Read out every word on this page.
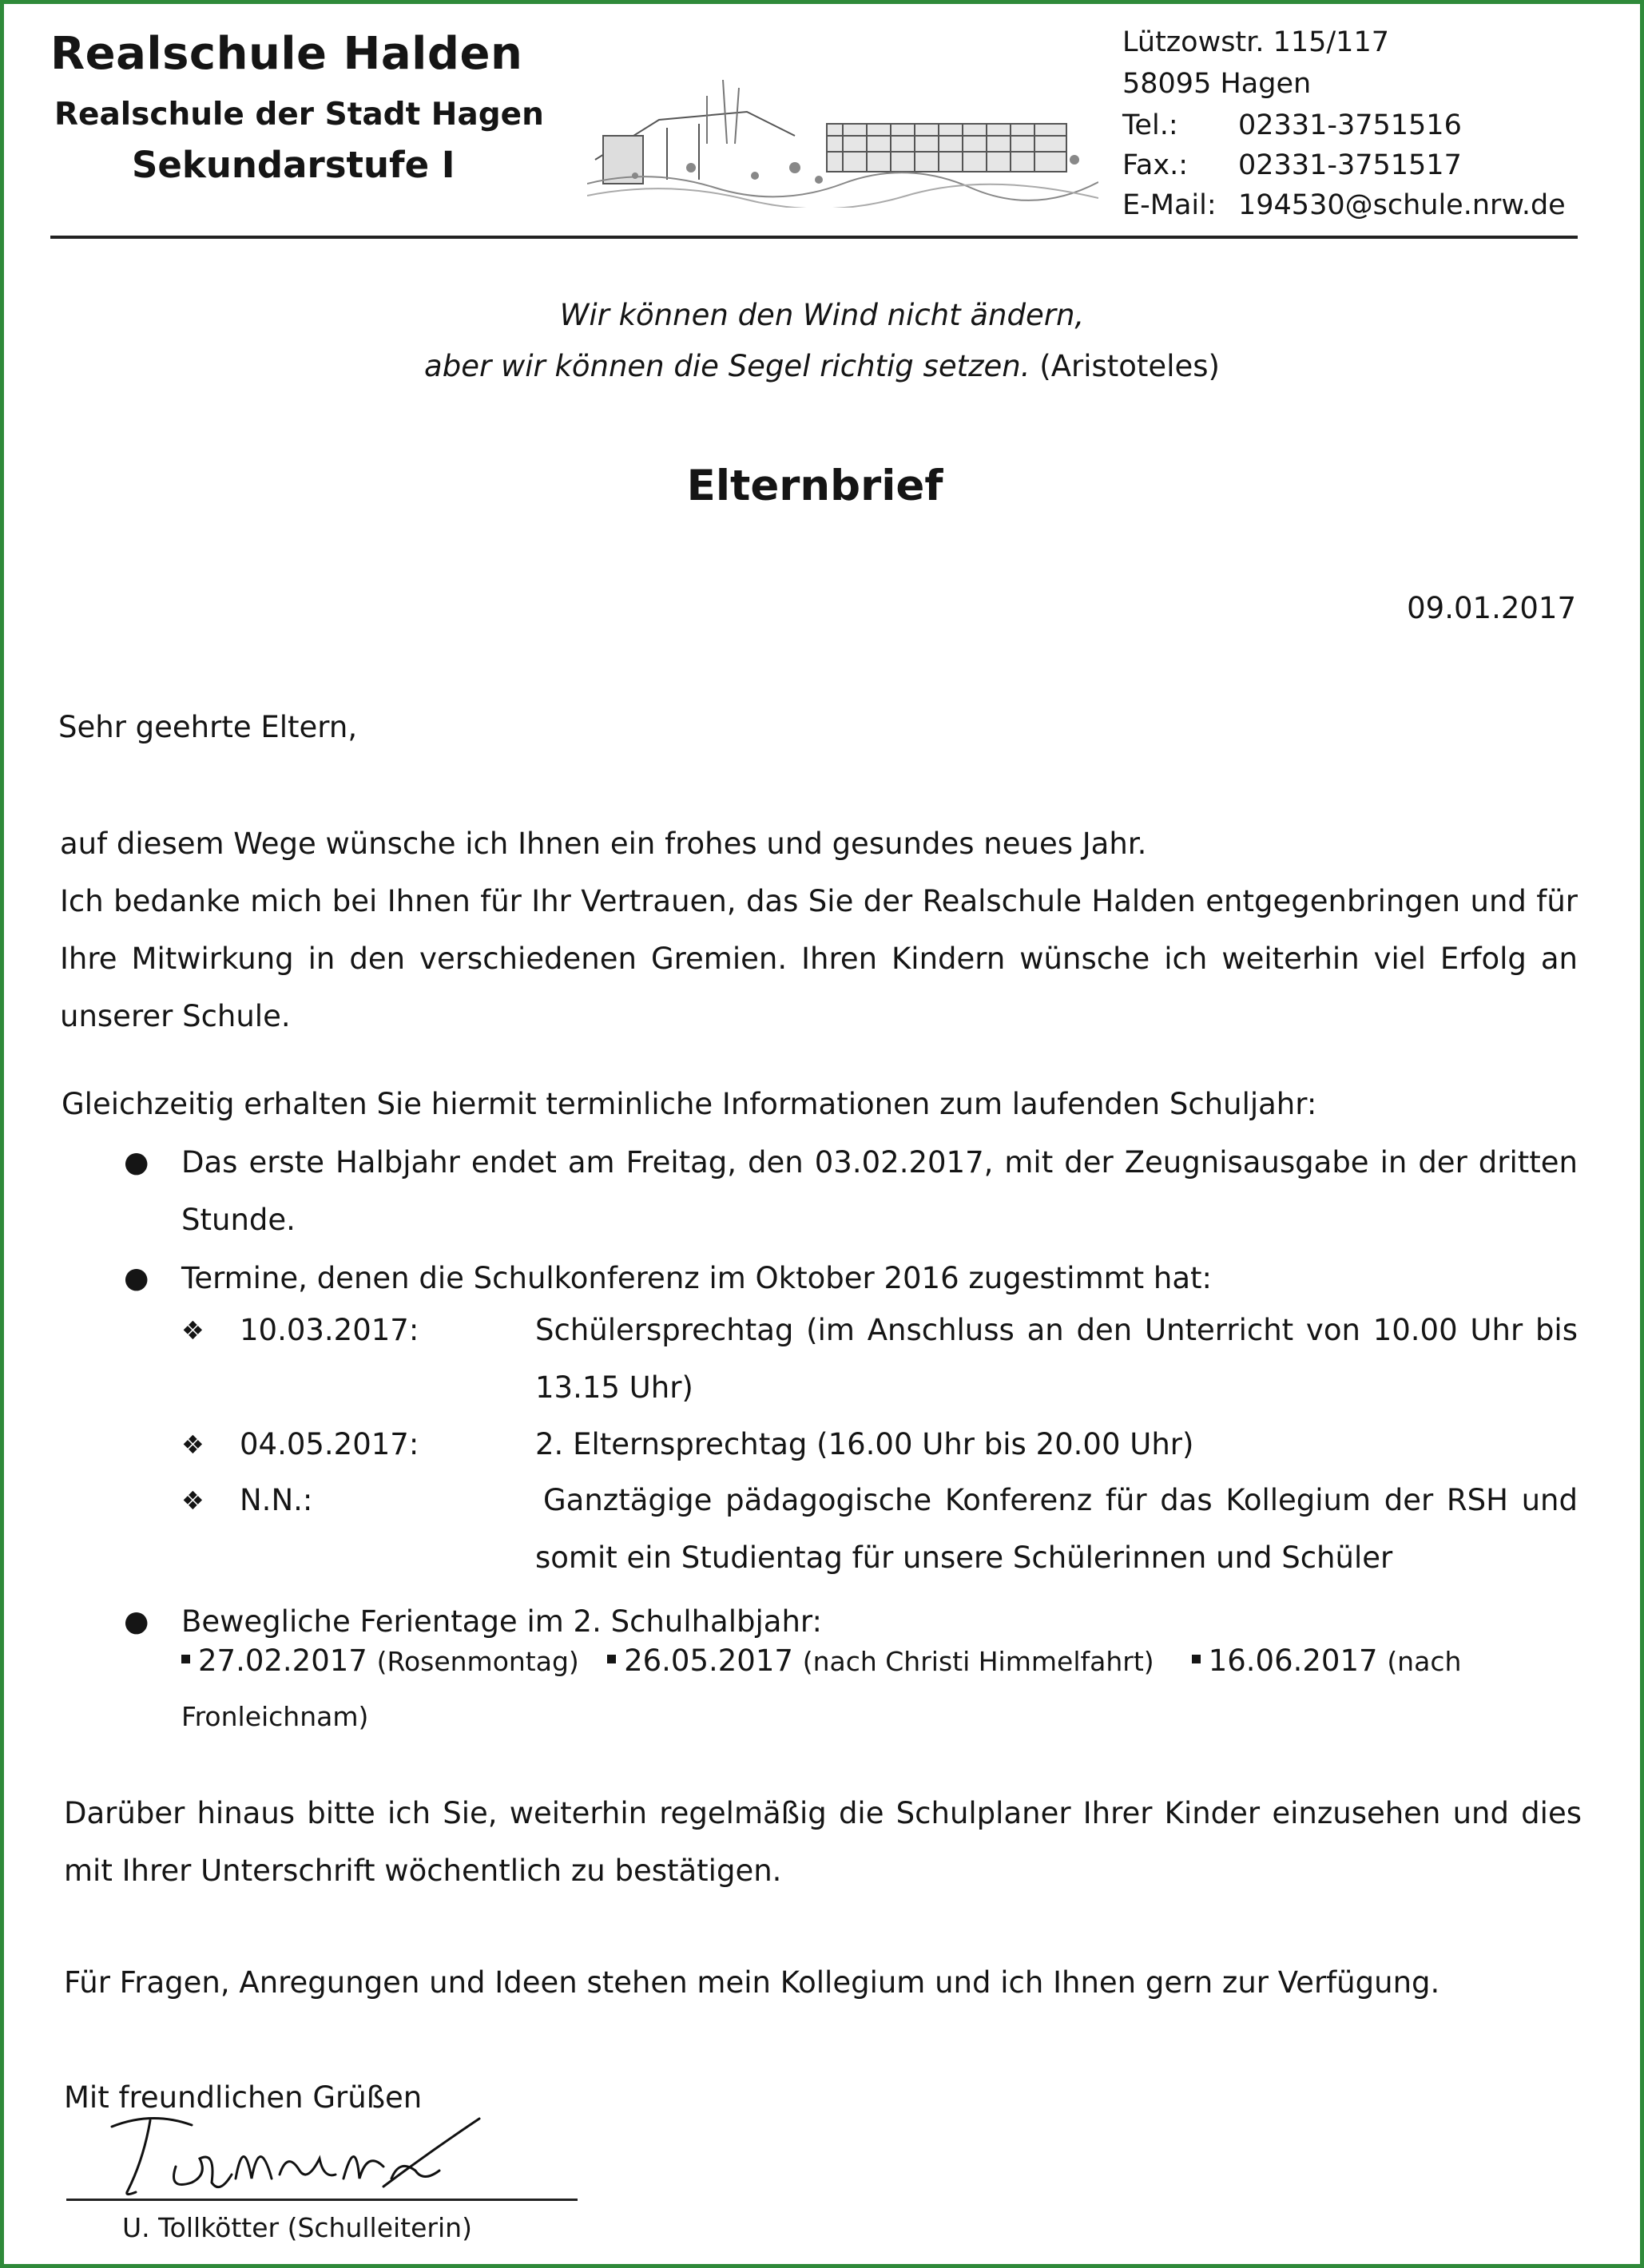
Realschule Halden
Realschule der Stadt Hagen
Sekundarstufe I
Lützowstr. 115/117
58095 Hagen
Tel.: 02331-3751516
Fax.: 02331-3751517
E-Mail: 194530@schule.nrw.de
Wir können den Wind nicht ändern,
aber wir können die Segel richtig setzen. (Aristoteles)
Elternbrief
09.01.2017
Sehr geehrte Eltern,
auf diesem Wege wünsche ich Ihnen ein frohes und gesundes neues Jahr.
Ich bedanke mich bei Ihnen für Ihr Vertrauen, das Sie der Realschule Halden entgegenbringen und für
Ihre Mitwirkung in den verschiedenen Gremien. Ihren Kindern wünsche ich weiterhin viel Erfolg an
unserer Schule.
Gleichzeitig erhalten Sie hiermit terminliche Informationen zum laufenden Schuljahr:
● Das erste Halbjahr endet am Freitag, den 03.02.2017, mit der Zeugnisausgabe in der dritten
Stunde.
● Termine, denen die Schulkonferenz im Oktober 2016 zugestimmt hat:
❖ 10.03.2017:	Schülersprechtag (im Anschluss an den Unterricht von 10.00 Uhr bis
13.15 Uhr)
❖ 04.05.2017:	2. Elternsprechtag (16.00 Uhr bis 20.00 Uhr)
❖ N.N.:	Ganztägige pädagogische Konferenz für das Kollegium der RSH und
somit ein Studientag für unsere Schülerinnen und Schüler
● Bewegliche Ferientage im 2. Schulhalbjahr:
27.02.2017 (Rosenmontag) 26.05.2017 (nach Christi Himmelfahrt) 16.06.2017 (nach
Fronleichnam)
Darüber hinaus bitte ich Sie, weiterhin regelmäßig die Schulplaner Ihrer Kinder einzusehen und dies
mit Ihrer Unterschrift wöchentlich zu bestätigen.
Für Fragen, Anregungen und Ideen stehen mein Kollegium und ich Ihnen gern zur Verfügung.
Mit freundlichen Grüßen
U. Tollkötter (Schulleiterin)
